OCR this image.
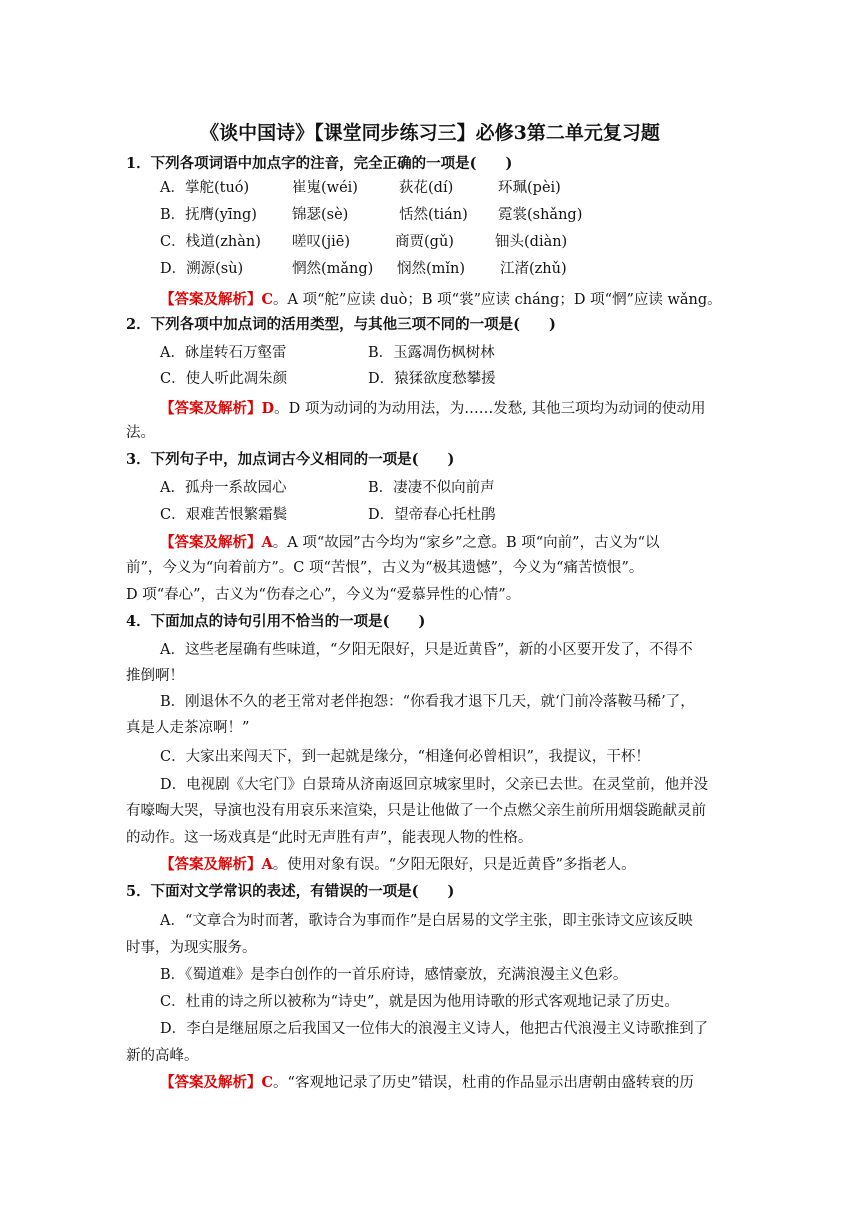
《谈中国诗》【课堂同步练习三】必修3第二单元复习题
1．下列各项词语中加点字的注音，完全正确的一项是(　　)
A．掌舵(tuó)	崔嵬(wéi)	荻花(dí)	环珮(pèi)
B．抚膺(yīng) 锦瑟(sè)	恬然(tián) 霓裳(shǎng)
C．栈道(zhàn) 嗟叹(jiē)	商贾(gǔ)	钿头(diàn)
D．溯源(sù)	惘然(mǎng) 悯然(mǐn) 江渚(zhǔ)
【答案及解析】C。A 项“舵”应读 duò；B 项“裳”应读 cháng；D 项“惘”应读 wǎng。
2．下列各项中加点词的活用类型，与其他三项不同的一项是(　　)
A．砯崖转石万壑雷	B．玉露凋伤枫树林
C．使人听此凋朱颜	D．猿猱欲度愁攀援
【答案及解析】D。D 项为动词的为动用法，为……发愁, 其他三项均为动词的使动用
法。
3．下列句子中，加点词古今义相同的一项是(　　)
A．孤舟一系故园心	B．凄凄不似向前声
C．艰难苦恨繁霜鬓	D．望帝春心托杜鹃
【答案及解析】A。A 项“故园”古今均为“家乡”之意。B 项“向前”，古义为“以
前”，今义为“向着前方”。C 项“苦恨”，古义为“极其遗憾”，今义为“痛苦愤恨”。
D 项“春心”，古义为“伤春之心”，今义为“爱慕异性的心情”。
4．下面加点的诗句引用不恰当的一项是(　　)
A．这些老屋确有些味道，“夕阳无限好，只是近黄昏”，新的小区要开发了，不得不
推倒啊！
B．刚退休不久的老王常对老伴抱怨：“你看我才退下几天，就‘门前冷落鞍马稀’了，
真是人走茶凉啊！”
C．大家出来闯天下，到一起就是缘分，“相逢何必曾相识”，我提议，干杯！
D．电视剧《大宅门》白景琦从济南返回京城家里时，父亲已去世。在灵堂前，他并没
有嚎啕大哭，导演也没有用哀乐来渲染，只是让他做了一个点燃父亲生前所用烟袋跪献灵前
的动作。这一场戏真是“此时无声胜有声”，能表现人物的性格。
【答案及解析】A。使用对象有误。“夕阳无限好，只是近黄昏”多指老人。
5．下面对文学常识的表述，有错误的一项是(　　)
A．“文章合为时而著，歌诗合为事而作”是白居易的文学主张，即主张诗文应该反映
时事，为现实服务。
B．《蜀道难》是李白创作的一首乐府诗，感情豪放，充满浪漫主义色彩。
C．杜甫的诗之所以被称为“诗史”，就是因为他用诗歌的形式客观地记录了历史。
D．李白是继屈原之后我国又一位伟大的浪漫主义诗人，他把古代浪漫主义诗歌推到了
新的高峰。
【答案及解析】C。“客观地记录了历史”错误，杜甫的作品显示出唐朝由盛转衰的历
